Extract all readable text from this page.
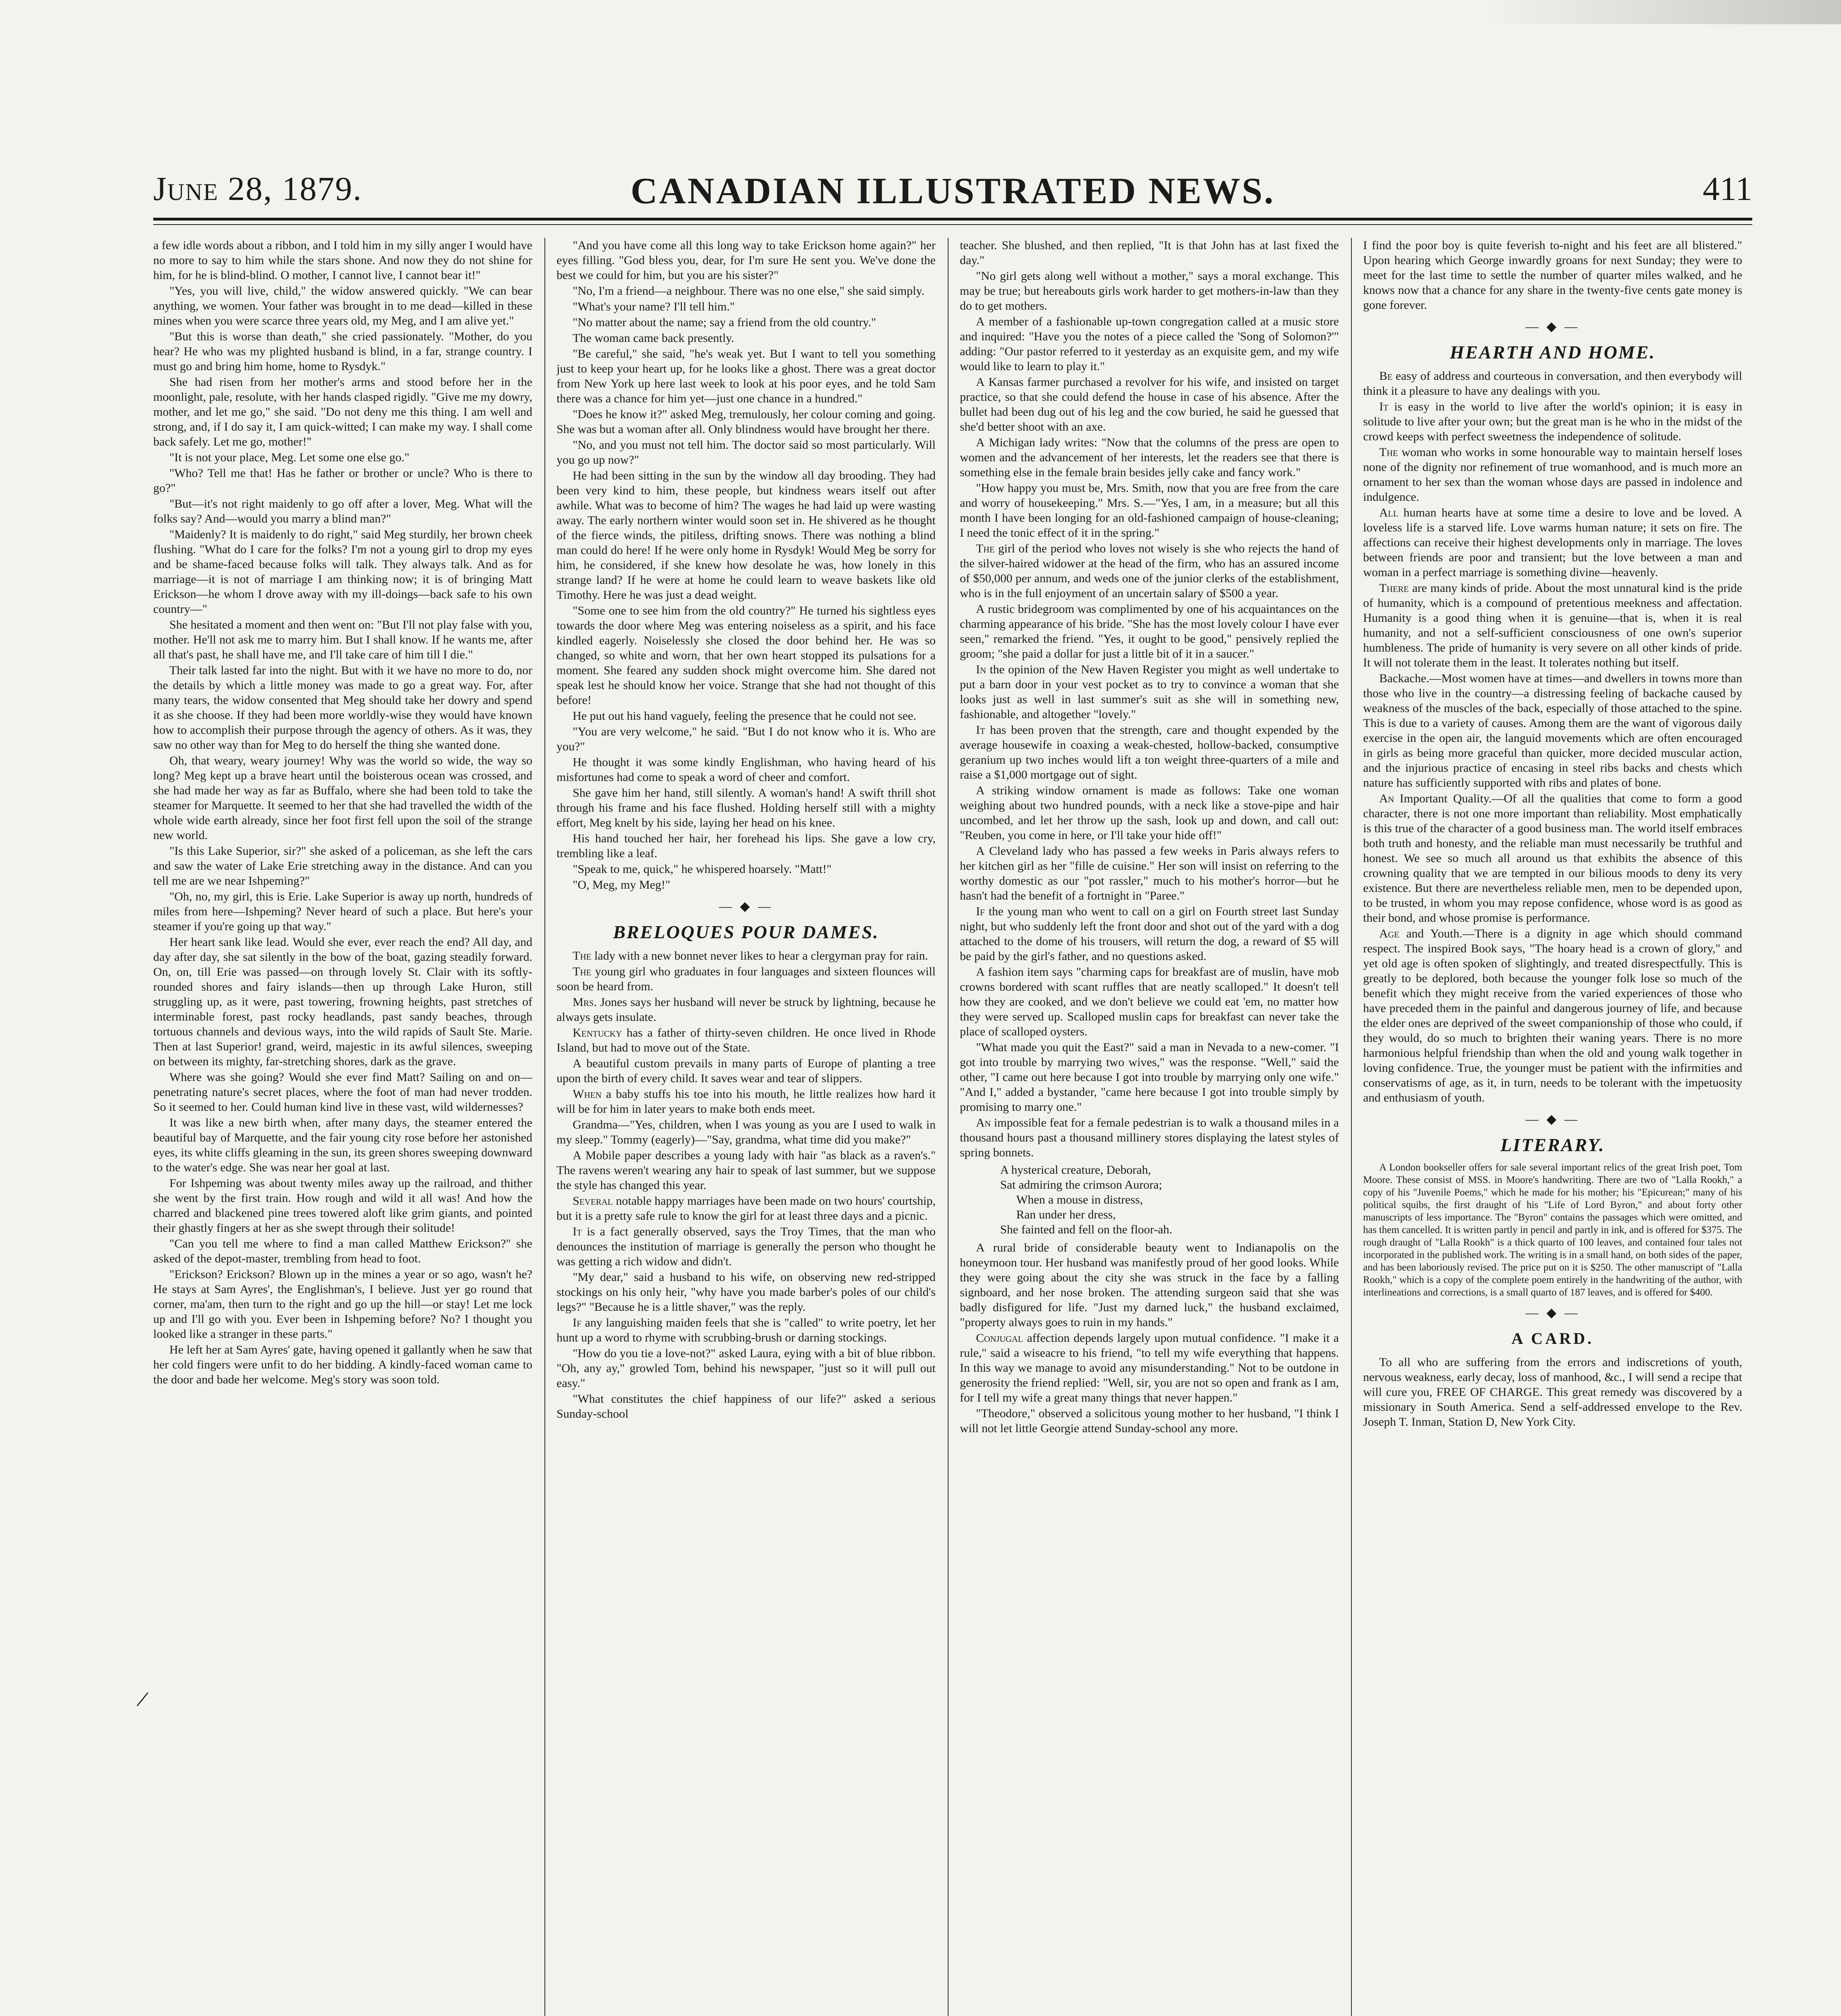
June 28, 1879.	CANADIAN ILLUSTRATED NEWS.	411
/

a few idle words about a ribbon, and I told him in my silly anger I would have no more to say to him while the stars shone. And now they do not shine for him, for he is blind-blind. O mother, I cannot live, I cannot bear it!"

"Yes, you will live, child," the widow answered quickly. "We can bear anything, we women. Your father was brought in to me dead—killed in these mines when you were scarce three years old, my Meg, and I am alive yet."

"But this is worse than death," she cried passionately. "Mother, do you hear? He who was my plighted husband is blind, in a far, strange country. I must go and bring him home, home to Rysdyk."

She had risen from her mother's arms and stood before her in the moonlight, pale, resolute, with her hands clasped rigidly. "Give me my dowry, mother, and let me go," she said. "Do not deny me this thing. I am well and strong, and, if I do say it, I am quick-witted; I can make my way. I shall come back safely. Let me go, mother!"

"It is not your place, Meg. Let some one else go."

"Who? Tell me that! Has he father or brother or uncle? Who is there to go?"

"But—it's not right maidenly to go off after a lover, Meg. What will the folks say? And—would you marry a blind man?"

"Maidenly? It is maidenly to do right," said Meg sturdily, her brown cheek flushing. "What do I care for the folks? I'm not a young girl to drop my eyes and be shame-faced because folks will talk. They always talk. And as for marriage—it is not of marriage I am thinking now; it is of bringing Matt Erickson—he whom I drove away with my ill-doings—back safe to his own country—"

She hesitated a moment and then went on: "But I'll not play false with you, mother. He'll not ask me to marry him. But I shall know. If he wants me, after all that's past, he shall have me, and I'll take care of him till I die."

Their talk lasted far into the night. But with it we have no more to do, nor the details by which a little money was made to go a great way. For, after many tears, the widow consented that Meg should take her dowry and spend it as she choose. If they had been more worldly-wise they would have known how to accomplish their purpose through the agency of others. As it was, they saw no other way than for Meg to do herself the thing she wanted done.

Oh, that weary, weary journey! Why was the world so wide, the way so long? Meg kept up a brave heart until the boisterous ocean was crossed, and she had made her way as far as Buffalo, where she had been told to take the steamer for Marquette. It seemed to her that she had travelled the width of the whole wide earth already, since her foot first fell upon the soil of the strange new world.

"Is this Lake Superior, sir?" she asked of a policeman, as she left the cars and saw the water of Lake Erie stretching away in the distance. And can you tell me are we near Ishpeming?"

"Oh, no, my girl, this is Erie. Lake Superior is away up north, hundreds of miles from here—Ishpeming? Never heard of such a place. But here's your steamer if you're going up that way."

Her heart sank like lead. Would she ever, ever reach the end? All day, and day after day, she sat silently in the bow of the boat, gazing steadily forward. On, on, till Erie was passed—on through lovely St. Clair with its softly-rounded shores and fairy islands—then up through Lake Huron, still struggling up, as it were, past towering, frowning heights, past stretches of interminable forest, past rocky headlands, past sandy beaches, through tortuous channels and devious ways, into the wild rapids of Sault Ste. Marie. Then at last Superior! grand, weird, majestic in its awful silences, sweeping on between its mighty, far-stretching shores, dark as the grave.

Where was she going? Would she ever find Matt? Sailing on and on—penetrating nature's secret places, where the foot of man had never trodden. So it seemed to her. Could human kind live in these vast, wild wildernesses?

It was like a new birth when, after many days, the steamer entered the beautiful bay of Marquette, and the fair young city rose before her astonished eyes, its white cliffs gleaming in the sun, its green shores sweeping downward to the water's edge. She was near her goal at last.

For Ishpeming was about twenty miles away up the railroad, and thither she went by the first train. How rough and wild it all was! And how the charred and blackened pine trees towered aloft like grim giants, and pointed their ghastly fingers at her as she swept through their solitude!

"Can you tell me where to find a man called Matthew Erickson?" she asked of the depot-master, trembling from head to foot.

"Erickson? Erickson? Blown up in the mines a year or so ago, wasn't he? He stays at Sam Ayres', the Englishman's, I believe. Just yer go round that corner, ma'am, then turn to the right and go up the hill—or stay! Let me lock up and I'll go with you. Ever been in Ishpeming before? No? I thought you looked like a stranger in these parts."

He left her at Sam Ayres' gate, having opened it gallantly when he saw that her cold fingers were unfit to do her bidding. A kindly-faced woman came to the door and bade her welcome. Meg's story was soon told.

"And you have come all this long way to take Erickson home again?" her eyes filling. "God bless you, dear, for I'm sure He sent you. We've done the best we could for him, but you are his sister?"

"No, I'm a friend—a neighbour. There was no one else," she said simply.

"What's your name? I'll tell him."

"No matter about the name; say a friend from the old country."

The woman came back presently.

"Be careful," she said, "he's weak yet. But I want to tell you something just to keep your heart up, for he looks like a ghost. There was a great doctor from New York up here last week to look at his poor eyes, and he told Sam there was a chance for him yet—just one chance in a hundred."

"Does he know it?" asked Meg, tremulously, her colour coming and going. She was but a woman after all. Only blindness would have brought her there.

"No, and you must not tell him. The doctor said so most particularly. Will you go up now?"

He had been sitting in the sun by the window all day brooding. They had been very kind to him, these people, but kindness wears itself out after awhile. What was to become of him? The wages he had laid up were wasting away. The early northern winter would soon set in. He shivered as he thought of the fierce winds, the pitiless, drifting snows. There was nothing a blind man could do here! If he were only home in Rysdyk! Would Meg be sorry for him, he considered, if she knew how desolate he was, how lonely in this strange land? If he were at home he could learn to weave baskets like old Timothy. Here he was just a dead weight.

"Some one to see him from the old country?" He turned his sightless eyes towards the door where Meg was entering noiseless as a spirit, and his face kindled eagerly. Noiselessly she closed the door behind her. He was so changed, so white and worn, that her own heart stopped its pulsations for a moment. She feared any sudden shock might overcome him. She dared not speak lest he should know her voice. Strange that she had not thought of this before!

He put out his hand vaguely, feeling the presence that he could not see.

"You are very welcome," he said. "But I do not know who it is. Who are you?"

He thought it was some kindly Englishman, who having heard of his misfortunes had come to speak a word of cheer and comfort.

She gave him her hand, still silently. A woman's hand! A swift thrill shot through his frame and his face flushed. Holding herself still with a mighty effort, Meg knelt by his side, laying her head on his knee.

His hand touched her hair, her forehead his lips. She gave a low cry, trembling like a leaf.

"Speak to me, quick," he whispered hoarsely. "Matt!"

"O, Meg, my Meg!"

— ◆ —
BRELOQUES POUR DAMES.

The lady with a new bonnet never likes to hear a clergyman pray for rain.

The young girl who graduates in four languages and sixteen flounces will soon be heard from.

Mrs. Jones says her husband will never be struck by lightning, because he always gets insulate.

Kentucky has a father of thirty-seven children. He once lived in Rhode Island, but had to move out of the State.

A beautiful custom prevails in many parts of Europe of planting a tree upon the birth of every child. It saves wear and tear of slippers.

When a baby stuffs his toe into his mouth, he little realizes how hard it will be for him in later years to make both ends meet.

Grandma—"Yes, children, when I was young as you are I used to walk in my sleep." Tommy (eagerly)—"Say, grandma, what time did you make?"

A Mobile paper describes a young lady with hair "as black as a raven's." The ravens weren't wearing any hair to speak of last summer, but we suppose the style has changed this year.

Several notable happy marriages have been made on two hours' courtship, but it is a pretty safe rule to know the girl for at least three days and a picnic.

It is a fact generally observed, says the Troy Times, that the man who denounces the institution of marriage is generally the person who thought he was getting a rich widow and didn't.

"My dear," said a husband to his wife, on observing new red-stripped stockings on his only heir, "why have you made barber's poles of our child's legs?" "Because he is a little shaver," was the reply.

If any languishing maiden feels that she is "called" to write poetry, let her hunt up a word to rhyme with scrubbing-brush or darning stockings.

"How do you tie a love-not?" asked Laura, eying with a bit of blue ribbon. "Oh, any ay," growled Tom, behind his newspaper, "just so it will pull out easy."

"What constitutes the chief happiness of our life?" asked a serious Sunday-school

teacher. She blushed, and then replied, "It is that John has at last fixed the day."

"No girl gets along well without a mother," says a moral exchange. This may be true; but hereabouts girls work harder to get mothers-in-law than they do to get mothers.

A member of a fashionable up-town congregation called at a music store and inquired: "Have you the notes of a piece called the 'Song of Solomon?'" adding: "Our pastor referred to it yesterday as an exquisite gem, and my wife would like to learn to play it."

A Kansas farmer purchased a revolver for his wife, and insisted on target practice, so that she could defend the house in case of his absence. After the bullet had been dug out of his leg and the cow buried, he said he guessed that she'd better shoot with an axe.

A Michigan lady writes: "Now that the columns of the press are open to women and the advancement of her interests, let the readers see that there is something else in the female brain besides jelly cake and fancy work."

"How happy you must be, Mrs. Smith, now that you are free from the care and worry of housekeeping." Mrs. S.—"Yes, I am, in a measure; but all this month I have been longing for an old-fashioned campaign of house-cleaning; I need the tonic effect of it in the spring."

The girl of the period who loves not wisely is she who rejects the hand of the silver-haired widower at the head of the firm, who has an assured income of $50,000 per annum, and weds one of the junior clerks of the establishment, who is in the full enjoyment of an uncertain salary of $500 a year.

A rustic bridegroom was complimented by one of his acquaintances on the charming appearance of his bride. "She has the most lovely colour I have ever seen," remarked the friend. "Yes, it ought to be good," pensively replied the groom; "she paid a dollar for just a little bit of it in a saucer."

In the opinion of the New Haven Register you might as well undertake to put a barn door in your vest pocket as to try to convince a woman that she looks just as well in last summer's suit as she will in something new, fashionable, and altogether "lovely."

It has been proven that the strength, care and thought expended by the average housewife in coaxing a weak-chested, hollow-backed, consumptive geranium up two inches would lift a ton weight three-quarters of a mile and raise a $1,000 mortgage out of sight.

A striking window ornament is made as follows: Take one woman weighing about two hundred pounds, with a neck like a stove-pipe and hair uncombed, and let her throw up the sash, look up and down, and call out: "Reuben, you come in here, or I'll take your hide off!"

A Cleveland lady who has passed a few weeks in Paris always refers to her kitchen girl as her "fille de cuisine." Her son will insist on referring to the worthy domestic as our "pot rassler," much to his mother's horror—but he hasn't had the benefit of a fortnight in "Paree."

If the young man who went to call on a girl on Fourth street last Sunday night, but who suddenly left the front door and shot out of the yard with a dog attached to the dome of his trousers, will return the dog, a reward of $5 will be paid by the girl's father, and no questions asked.

A fashion item says "charming caps for breakfast are of muslin, have mob crowns bordered with scant ruffles that are neatly scalloped." It doesn't tell how they are cooked, and we don't believe we could eat 'em, no matter how they were served up. Scalloped muslin caps for breakfast can never take the place of scalloped oysters.

"What made you quit the East?" said a man in Nevada to a new-comer. "I got into trouble by marrying two wives," was the response. "Well," said the other, "I came out here because I got into trouble by marrying only one wife." "And I," added a bystander, "came here because I got into trouble simply by promising to marry one."

An impossible feat for a female pedestrian is to walk a thousand miles in a thousand hours past a thousand millinery stores displaying the latest styles of spring bonnets.

A hysterical creature, Deborah,
Sat admiring the crimson Aurora;
When a mouse in distress,
Ran under her dress,
She fainted and fell on the floor-ah.

A rural bride of considerable beauty went to Indianapolis on the honeymoon tour. Her husband was manifestly proud of her good looks. While they were going about the city she was struck in the face by a falling signboard, and her nose broken. The attending surgeon said that she was badly disfigured for life. "Just my darned luck," the husband exclaimed, "property always goes to ruin in my hands."

Conjugal affection depends largely upon mutual confidence. "I make it a rule," said a wiseacre to his friend, "to tell my wife everything that happens. In this way we manage to avoid any misunderstanding." Not to be outdone in generosity the friend replied: "Well, sir, you are not so open and frank as I am, for I tell my wife a great many things that never happen."

"Theodore," observed a solicitous young mother to her husband, "I think I will not let little Georgie attend Sunday-school any more.

I find the poor boy is quite feverish to-night and his feet are all blistered." Upon hearing which George inwardly groans for next Sunday; they were to meet for the last time to settle the number of quarter miles walked, and he knows now that a chance for any share in the twenty-five cents gate money is gone forever.

— ◆ —
HEARTH AND HOME.

Be easy of address and courteous in conversation, and then everybody will think it a pleasure to have any dealings with you.

It is easy in the world to live after the world's opinion; it is easy in solitude to live after your own; but the great man is he who in the midst of the crowd keeps with perfect sweetness the independence of solitude.

The woman who works in some honourable way to maintain herself loses none of the dignity nor refinement of true womanhood, and is much more an ornament to her sex than the woman whose days are passed in indolence and indulgence.

All human hearts have at some time a desire to love and be loved. A loveless life is a starved life. Love warms human nature; it sets on fire. The affections can receive their highest developments only in marriage. The loves between friends are poor and transient; but the love between a man and woman in a perfect marriage is something divine—heavenly.

There are many kinds of pride. About the most unnatural kind is the pride of humanity, which is a compound of pretentious meekness and affectation. Humanity is a good thing when it is genuine—that is, when it is real humanity, and not a self-sufficient consciousness of one own's superior humbleness. The pride of humanity is very severe on all other kinds of pride. It will not tolerate them in the least. It tolerates nothing but itself.

Backache.—Most women have at times—and dwellers in towns more than those who live in the country—a distressing feeling of backache caused by weakness of the muscles of the back, especially of those attached to the spine. This is due to a variety of causes. Among them are the want of vigorous daily exercise in the open air, the languid movements which are often encouraged in girls as being more graceful than quicker, more decided muscular action, and the injurious practice of encasing in steel ribs backs and chests which nature has sufficiently supported with ribs and plates of bone.

An Important Quality.—Of all the qualities that come to form a good character, there is not one more important than reliability. Most emphatically is this true of the character of a good business man. The world itself embraces both truth and honesty, and the reliable man must necessarily be truthful and honest. We see so much all around us that exhibits the absence of this crowning quality that we are tempted in our bilious moods to deny its very existence. But there are nevertheless reliable men, men to be depended upon, to be trusted, in whom you may repose confidence, whose word is as good as their bond, and whose promise is performance.

Age and Youth.—There is a dignity in age which should command respect. The inspired Book says, "The hoary head is a crown of glory," and yet old age is often spoken of slightingly, and treated disrespectfully. This is greatly to be deplored, both because the younger folk lose so much of the benefit which they might receive from the varied experiences of those who have preceded them in the painful and dangerous journey of life, and because the elder ones are deprived of the sweet companionship of those who could, if they would, do so much to brighten their waning years. There is no more harmonious helpful friendship than when the old and young walk together in loving confidence. True, the younger must be patient with the infirmities and conservatisms of age, as it, in turn, needs to be tolerant with the impetuosity and enthusiasm of youth.

— ◆ —
LITERARY.

A London bookseller offers for sale several important relics of the great Irish poet, Tom Moore. These consist of MSS. in Moore's handwriting. There are two of "Lalla Rookh," a copy of his "Juvenile Poems," which he made for his mother; his "Epicurean;" many of his political squibs, the first draught of his "Life of Lord Byron," and about forty other manuscripts of less importance. The "Byron" contains the passages which were omitted, and has them cancelled. It is written partly in pencil and partly in ink, and is offered for $375. The rough draught of "Lalla Rookh" is a thick quarto of 100 leaves, and contained four tales not incorporated in the published work. The writing is in a small hand, on both sides of the paper, and has been laboriously revised. The price put on it is $250. The other manuscript of "Lalla Rookh," which is a copy of the complete poem entirely in the handwriting of the author, with interlineations and corrections, is a small quarto of 187 leaves, and is offered for $400.

— ◆ —
A CARD.

To all who are suffering from the errors and indiscretions of youth, nervous weakness, early decay, loss of manhood, &c., I will send a recipe that will cure you, FREE OF CHARGE. This great remedy was discovered by a missionary in South America. Send a self-addressed envelope to the Rev. Joseph T. Inman, Station D, New York City.
